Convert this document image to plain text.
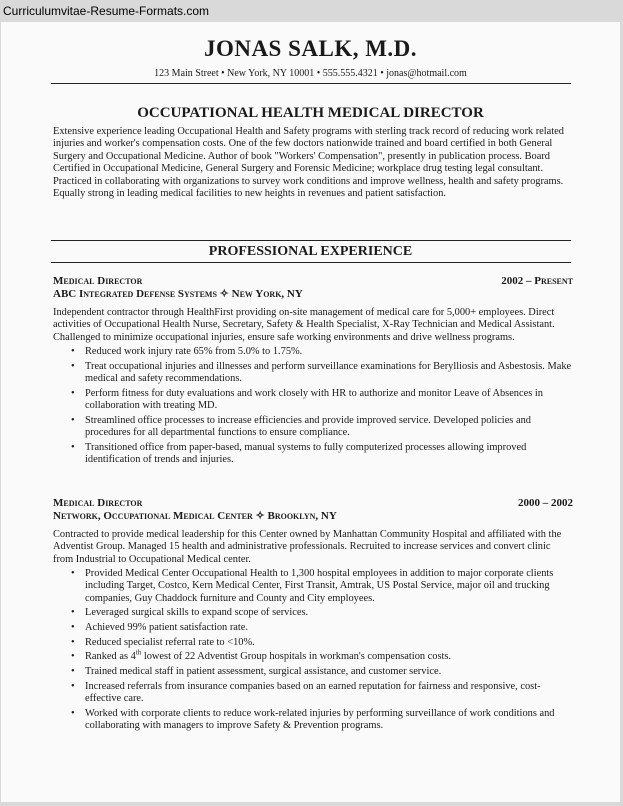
Curriculumvitae-Resume-Formats.com
JONAS SALK, M.D.
123 Main Street • New York, NY 10001 • 555.555.4321 • jonas@hotmail.com
OCCUPATIONAL HEALTH MEDICAL DIRECTOR
Extensive experience leading Occupational Health and Safety programs with sterling track record of reducing work related injuries and worker's compensation costs. One of the few doctors nationwide trained and board certified in both General Surgery and Occupational Medicine. Author of book "Workers' Compensation", presently in publication process. Board Certified in Occupational Medicine, General Surgery and Forensic Medicine; workplace drug testing legal consultant. Practiced in collaborating with organizations to survey work conditions and improve wellness, health and safety programs. Equally strong in leading medical facilities to new heights in revenues and patient satisfaction.
PROFESSIONAL EXPERIENCE
Medical Director	2002 – Present
ABC Integrated Defense Systems ✧ New York, NY
Independent contractor through HealthFirst providing on-site management of medical care for 5,000+ employees. Direct activities of Occupational Health Nurse, Secretary, Safety & Health Specialist, X-Ray Technician and Medical Assistant. Challenged to minimize occupational injuries, ensure safe working environments and drive wellness programs.
• Reduced work injury rate 65% from 5.0% to 1.75%.
• Treat occupational injuries and illnesses and perform surveillance examinations for Berylliosis and Asbestosis. Make medical and safety recommendations.
• Perform fitness for duty evaluations and work closely with HR to authorize and monitor Leave of Absences in collaboration with treating MD.
• Streamlined office processes to increase efficiencies and provide improved service. Developed policies and procedures for all departmental functions to ensure compliance.
• Transitioned office from paper-based, manual systems to fully computerized processes allowing improved identification of trends and injuries.
Medical Director	2000 – 2002
Network, Occupational Medical Center ✧ Brooklyn, NY
Contracted to provide medical leadership for this Center owned by Manhattan Community Hospital and affiliated with the Adventist Group. Managed 15 health and administrative professionals. Recruited to increase services and convert clinic from Industrial to Occupational Medical center.
• Provided Medical Center Occupational Health to 1,300 hospital employees in addition to major corporate clients including Target, Costco, Kern Medical Center, First Transit, Amtrak, US Postal Service, major oil and trucking companies, Guy Chaddock furniture and County and City employees.
• Leveraged surgical skills to expand scope of services.
• Achieved 99% patient satisfaction rate.
• Reduced specialist referral rate to <10%.
• Ranked as 4th lowest of 22 Adventist Group hospitals in workman's compensation costs.
• Trained medical staff in patient assessment, surgical assistance, and customer service.
• Increased referrals from insurance companies based on an earned reputation for fairness and responsive, cost-effective care.
• Worked with corporate clients to reduce work-related injuries by performing surveillance of work conditions and collaborating with managers to improve Safety & Prevention programs.
